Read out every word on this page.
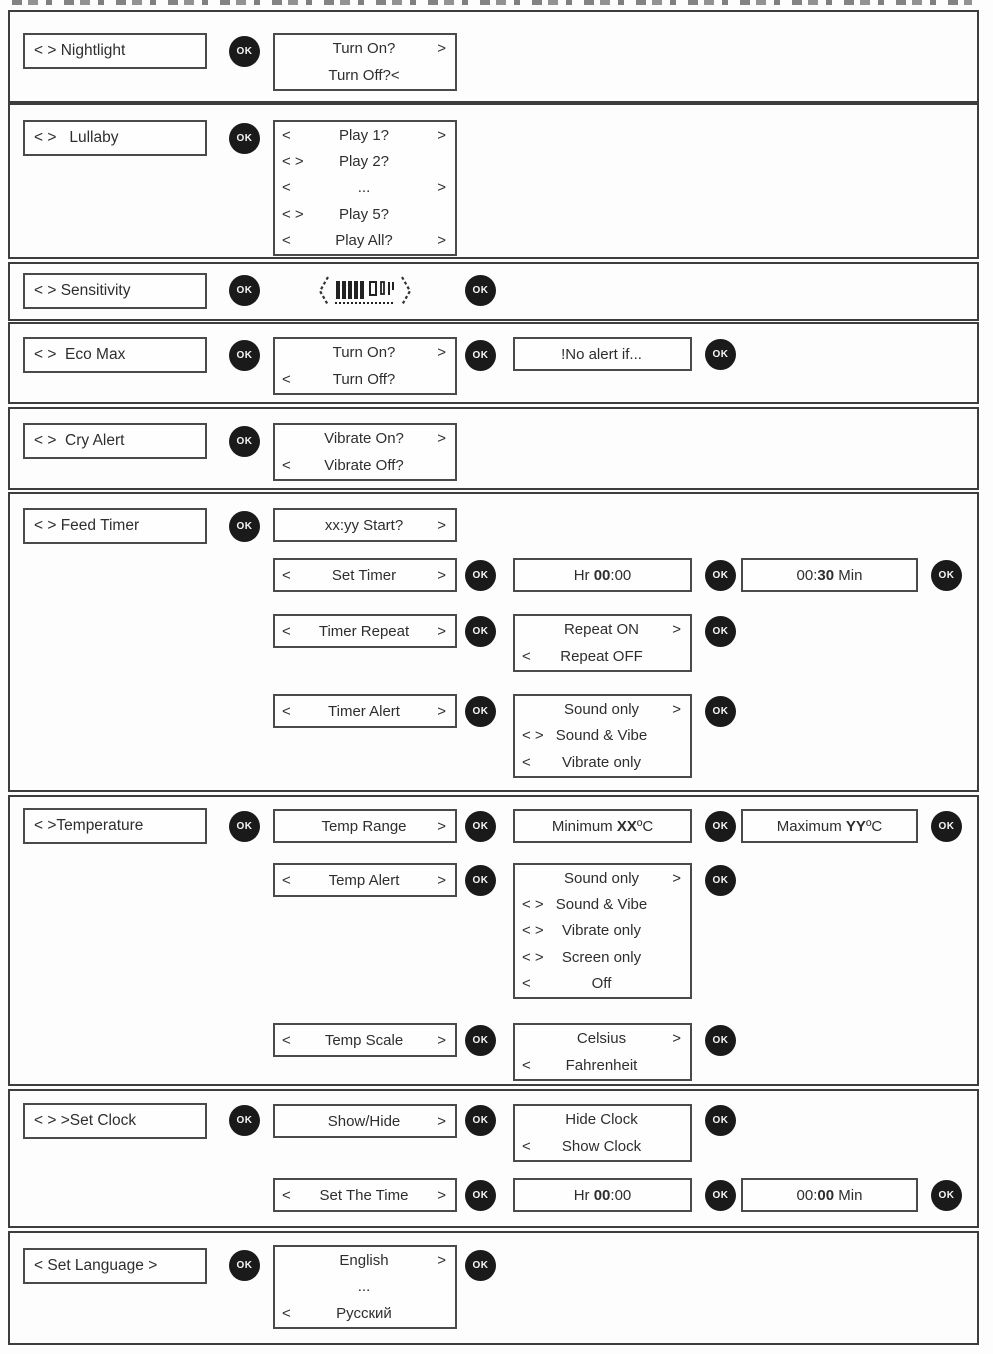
< > Nightlight	OK	Turn On?	>
Turn Off?<
< >   Lullaby	OK	<	Play 1?	>
< >	Play 2?
<	...	>
< >	Play 5?
<	Play All?	>
< > Sensitivity	OK	OK
< >  Eco Max	OK	Turn On?	>
<	Turn Off?
OK	!No alert if...	OK
< >  Cry Alert	OK	Vibrate On?	>
<	Vibrate Off?
< > Feed Timer	OK	xx:yy Start?	>
<	Set Timer	>	OK	Hr 00:00	OK	00:30 Min	OK
<	Timer Repeat	>	OK	Repeat ON	>
<	Repeat OFF
OK
<	Timer Alert	>	OK	Sound only	>
< > Sound & Vibe
<	Vibrate only
OK
< >Temperature	OK	Temp Range	>	OK	Minimum XXºC	OK	Maximum YYºC	OK
<	Temp Alert	>	OK	Sound only	>
< > Sound & Vibe
< >	Vibrate only
< >	Screen only
<	Off
OK
<	Temp Scale	>	OK	Celsius	>
<	Fahrenheit
OK
< > >Set Clock	OK	Show/Hide	>	OK	Hide Clock
<	Show Clock
OK
<	Set The Time	>	OK	Hr 00:00	OK	00:00 Min	OK
< Set Language >	OK	English	>
...
<	Русский
OK
